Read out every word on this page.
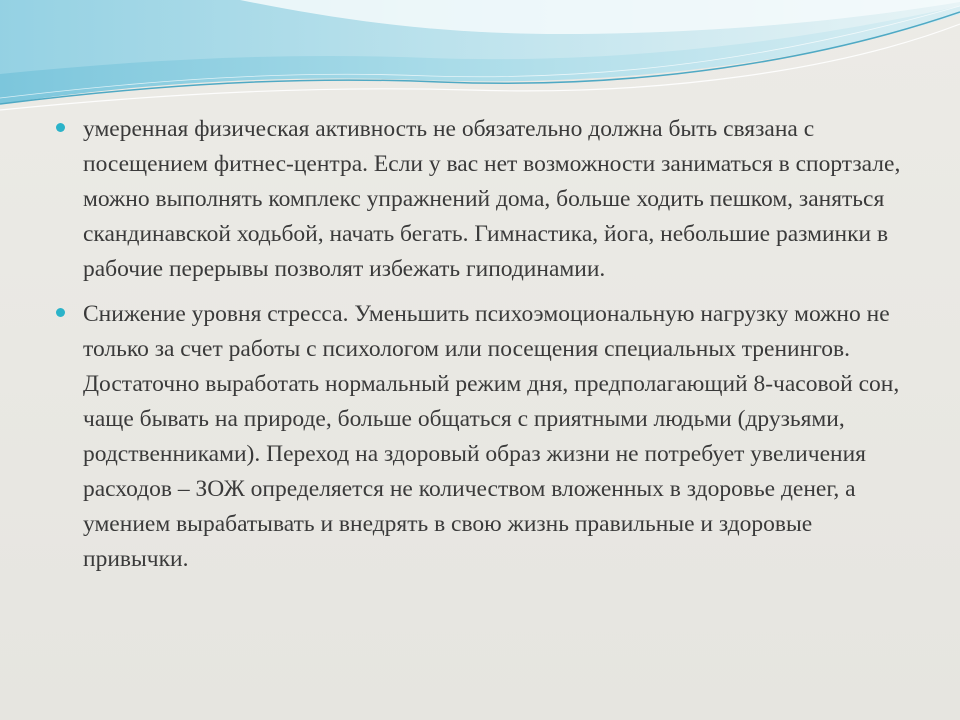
умеренная физическая активность не обязательно должна быть связана с посещением фитнес-центра. Если у вас нет возможности заниматься в спортзале, можно выполнять комплекс упражнений дома, больше ходить пешком, заняться скандинавской ходьбой, начать бегать. Гимнастика, йога, небольшие разминки в рабочие перерывы позволят избежать гиподинамии.

Снижение уровня стресса. Уменьшить психоэмоциональную нагрузку можно не только за счет работы с психологом или посещения специальных тренингов. Достаточно выработать нормальный режим дня, предполагающий 8-часовой сон, чаще бывать на природе, больше общаться с приятными людьми (друзьями, родственниками). Переход на здоровый образ жизни не потребует увеличения расходов – ЗОЖ определяется не количеством вложенных в здоровье денег, а умением вырабатывать и внедрять в свою жизнь правильные и здоровые привычки.
